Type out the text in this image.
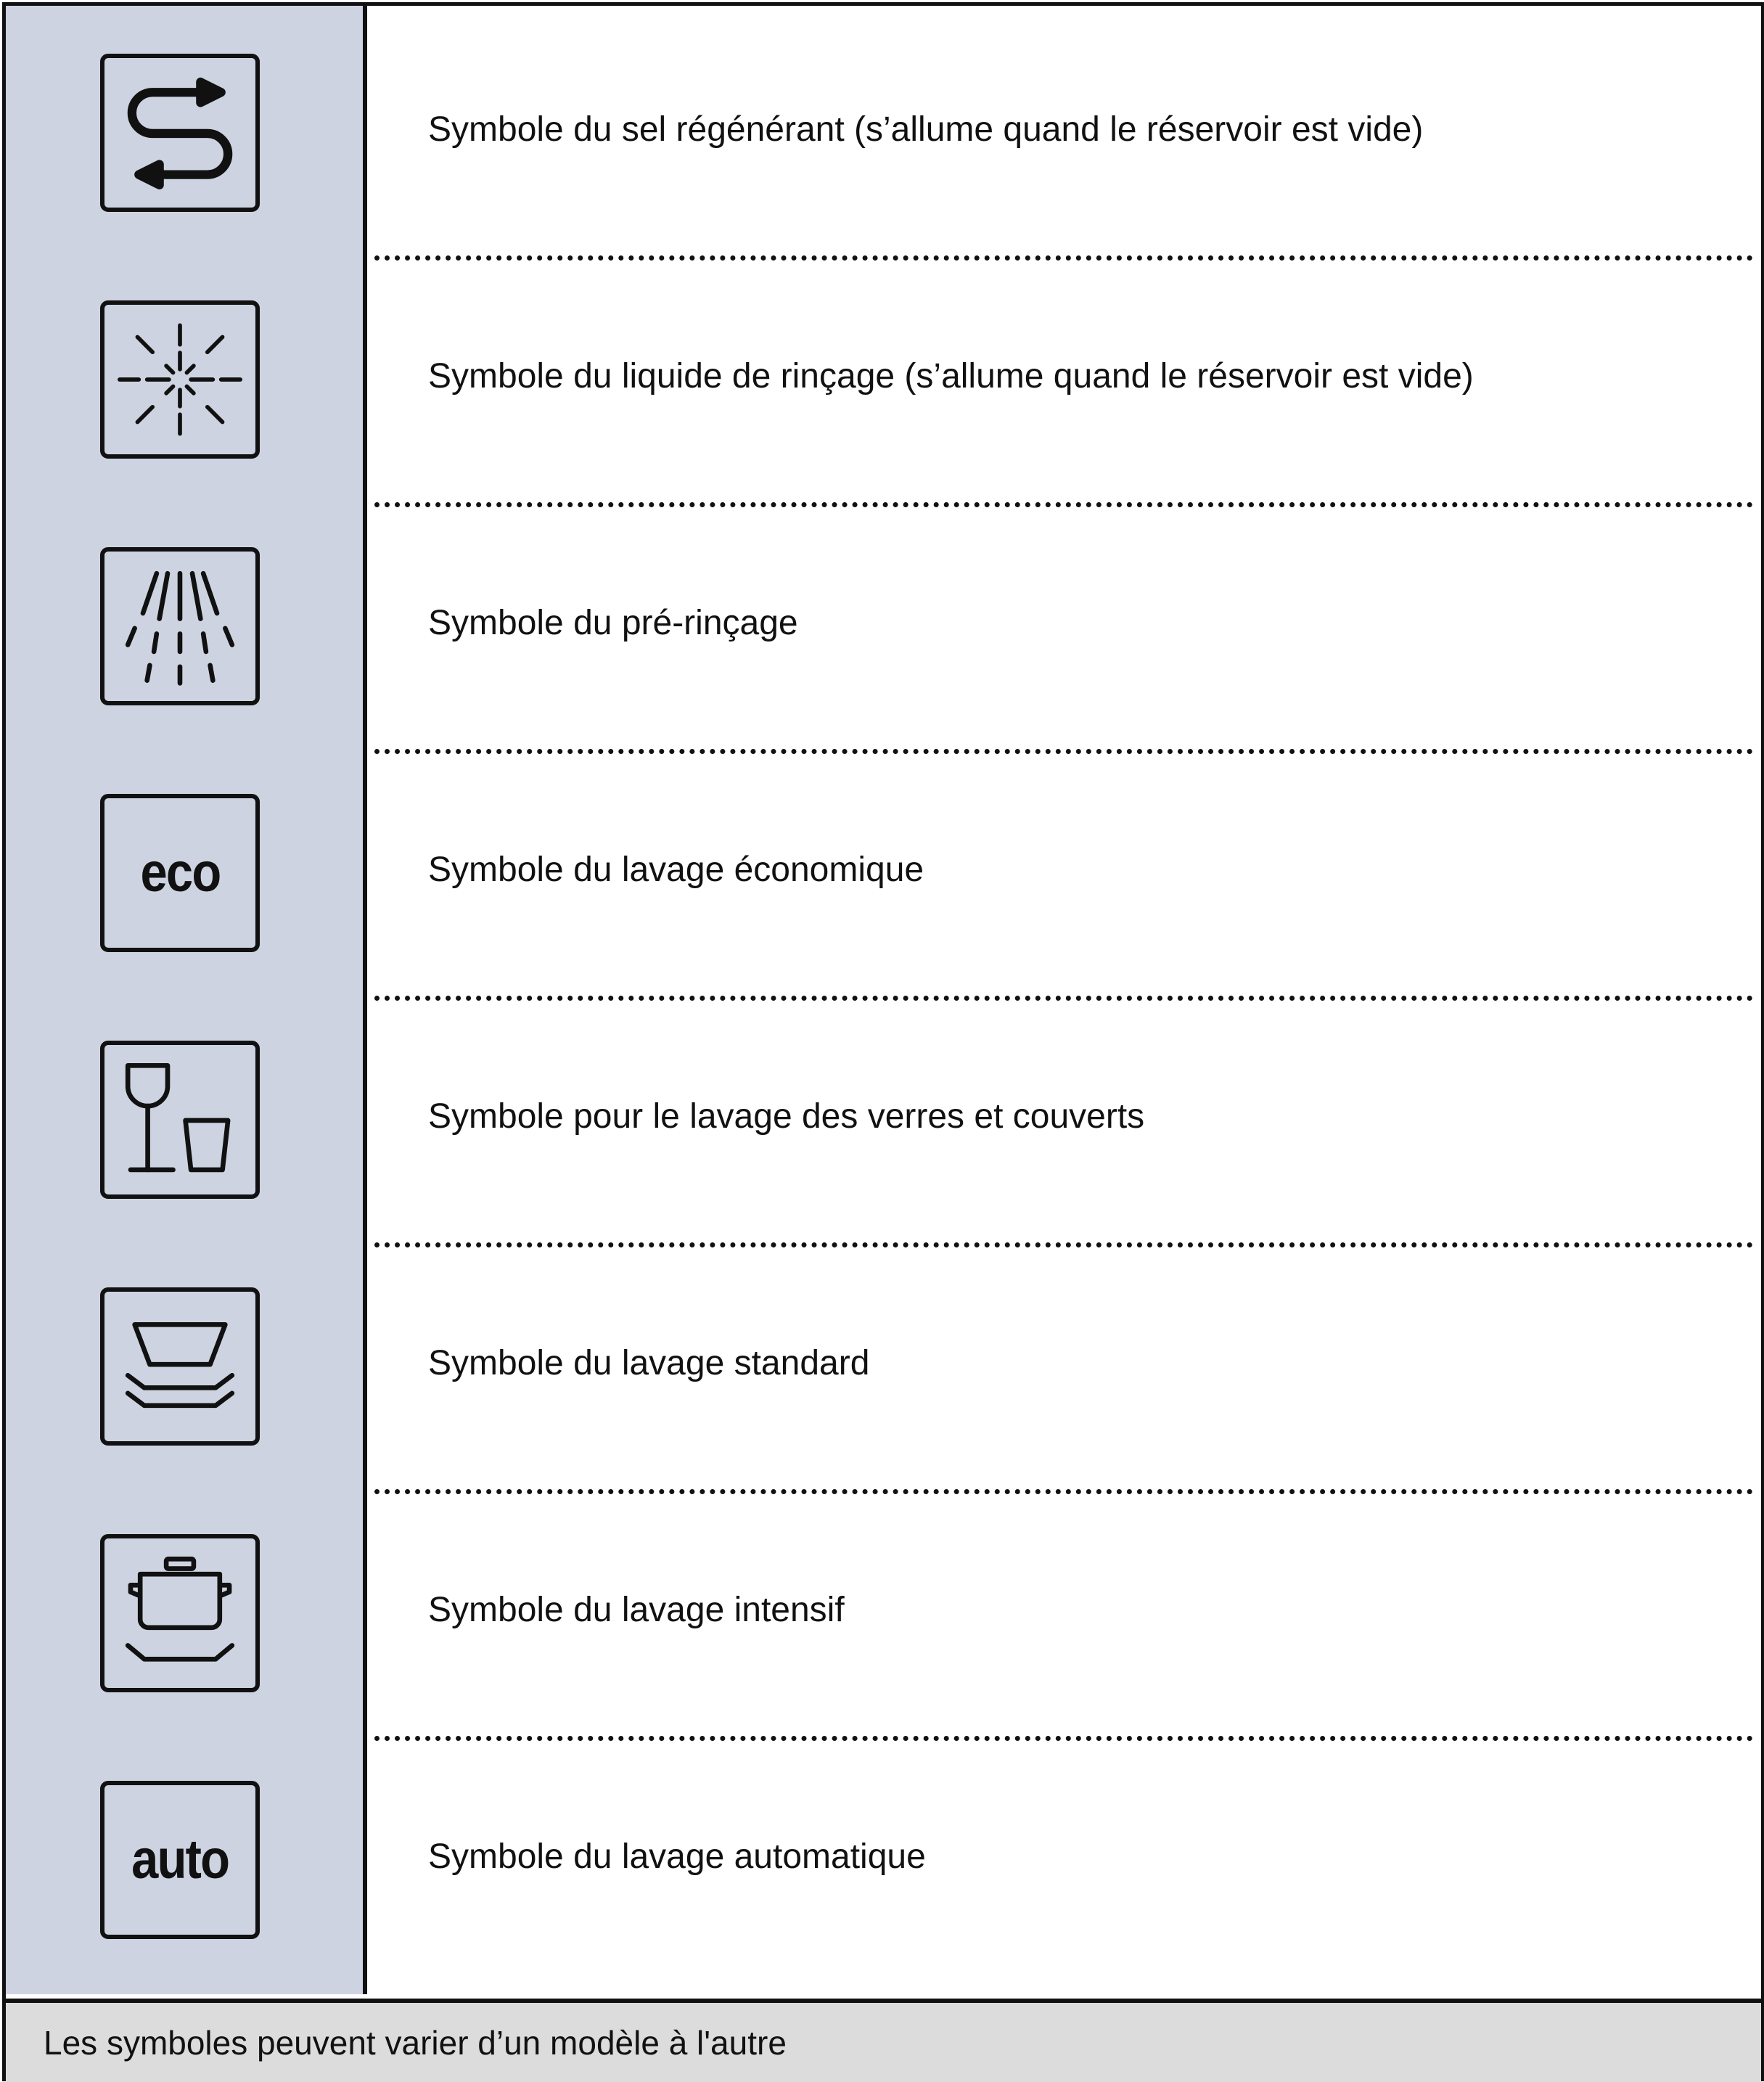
Symbole du sel régénérant (s’allume quand le réservoir est vide)
Symbole du liquide de rinçage (s’allume quand le réservoir est vide)
Symbole du pré-rinçage
eco	Symbole du lavage économique
Symbole pour le lavage des verres et couverts
Symbole du lavage standard
Symbole du lavage intensif
auto	Symbole du lavage automatique
Les symboles peuvent varier d’un modèle à l'autre
